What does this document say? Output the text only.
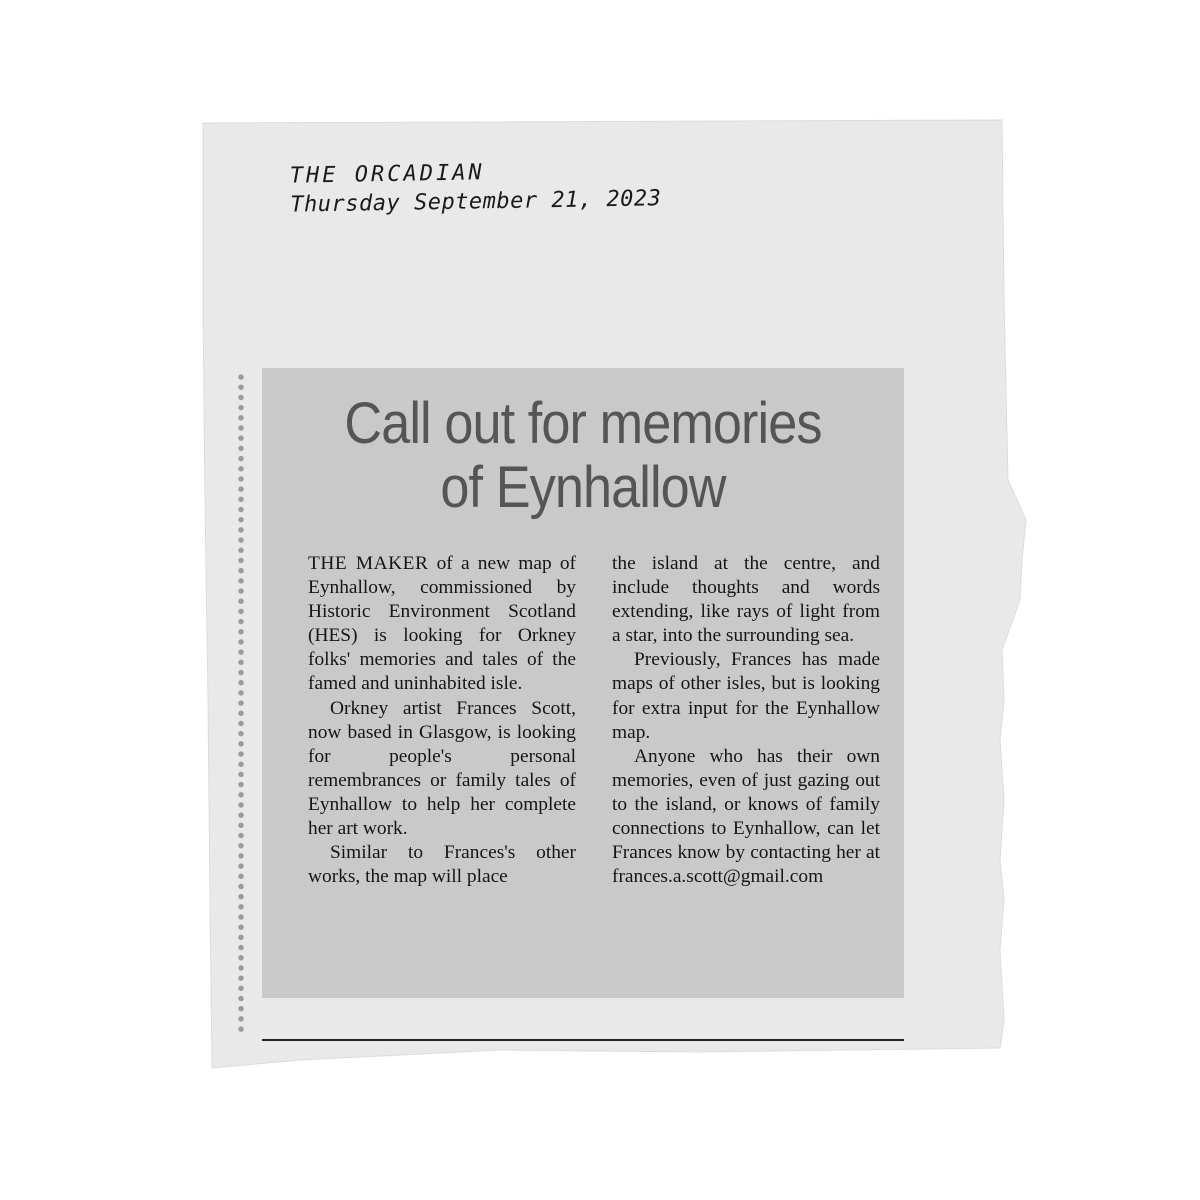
THE ORCADIAN
Thursday September 21, 2023
Call out for memories
of Eynhallow

THE MAKER of a new map of Eynhallow, commissioned by Historic Environment Scotland (HES) is looking for Orkney folks' memories and tales of the famed and uninhabited isle.

Orkney artist Frances Scott, now based in Glasgow, is looking for people's personal remembrances or family tales of Eynhallow to help her complete her art work.

Similar to Frances's other works, the map will place

the island at the centre, and include thoughts and words extending, like rays of light from a star, into the surrounding sea.

Previously, Frances has made maps of other isles, but is looking for extra input for the Eynhallow map.

Anyone who has their own memories, even of just gazing out to the island, or knows of family connections to Eynhallow, can let Frances know by contacting her at frances.a.scott@gmail.com
